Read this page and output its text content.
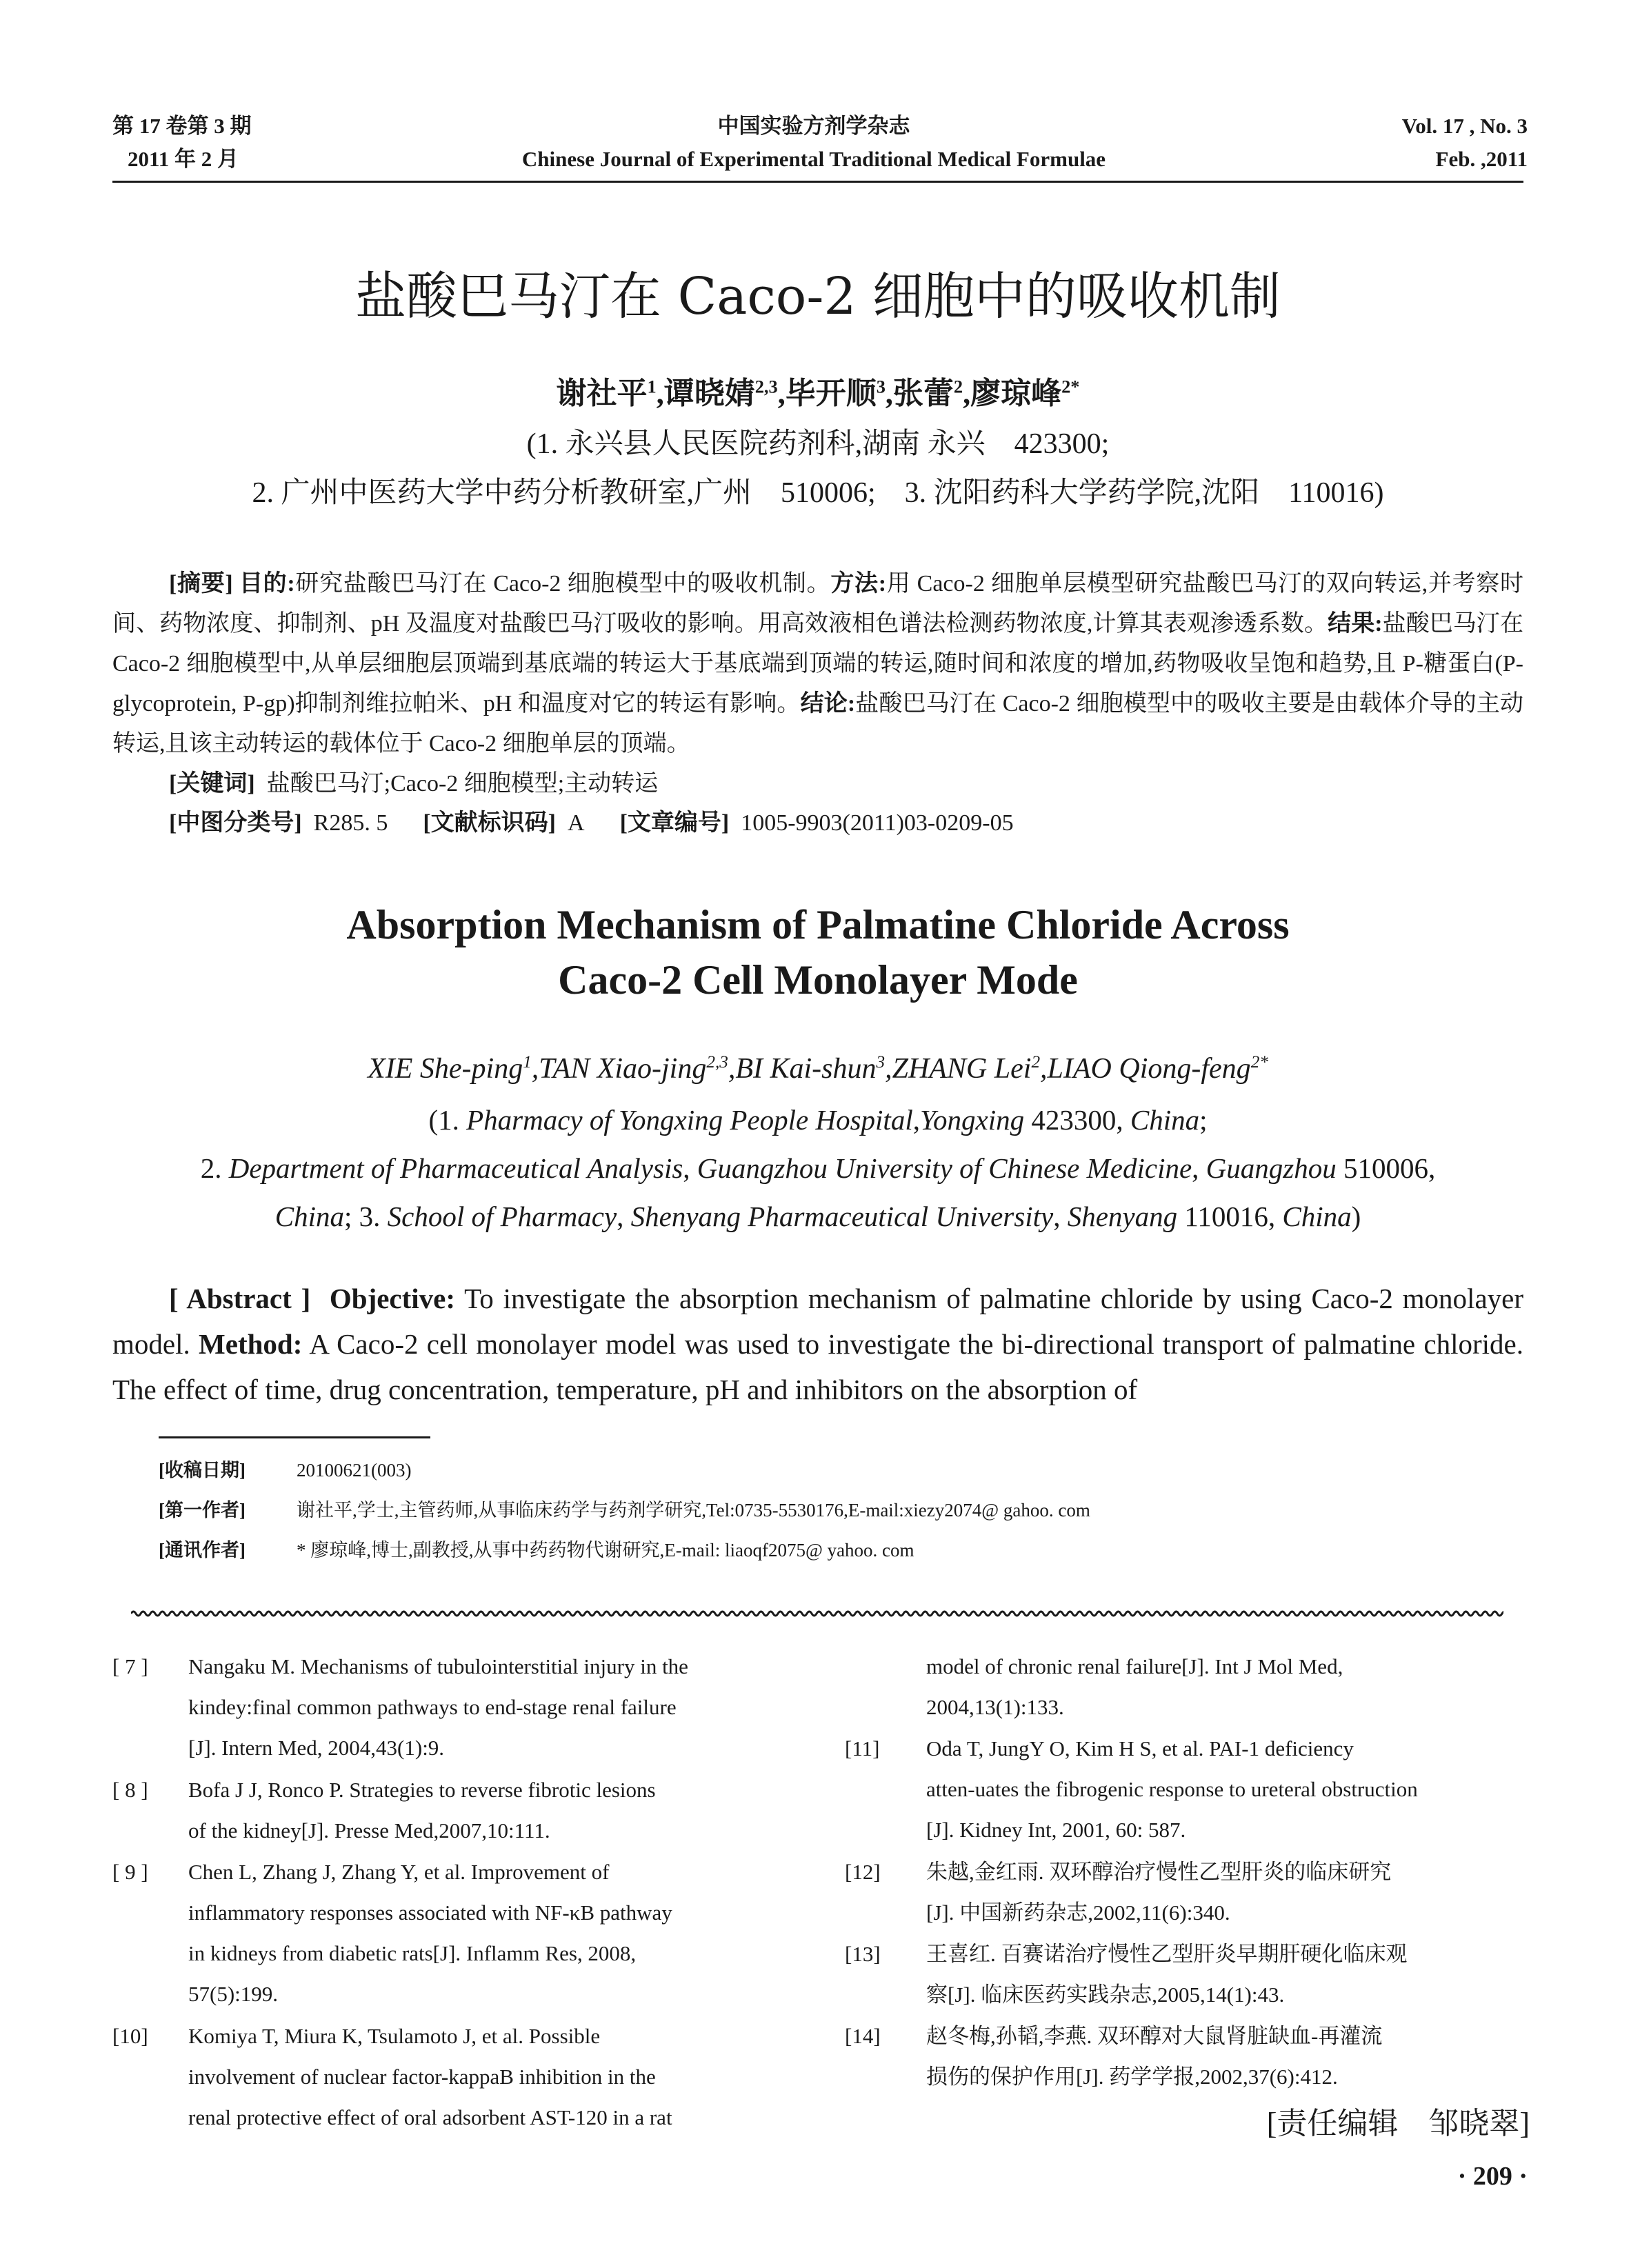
第 17 卷第 3 期
2011 年 2 月
中国实验方剂学杂志
Chinese Journal of Experimental Traditional Medical Formulae
Vol. 17 , No. 3
Feb. ,2011
盐酸巴马汀在 Caco-2 细胞中的吸收机制
谢社平$^1$,谭晓婧$^{2,3}$,毕开顺$^3$,张蕾$^2$,廖琼峰$^{2*}$
(1. 永兴县人民医院药剂科,湖南 永兴　423300;
2. 广州中医药大学中药分析教研室,广州　510006;　3. 沈阳药科大学药学院,沈阳　110016)
[摘要] 目的:研究盐酸巴马汀在 Caco-2 细胞模型中的吸收机制。方法:用 Caco-2 细胞单层模型研究盐酸巴马汀的双向转运,并考察时间、药物浓度、抑制剂、pH 及温度对盐酸巴马汀吸收的影响。用高效液相色谱法检测药物浓度,计算其表观渗透系数。结果:盐酸巴马汀在 Caco-2 细胞模型中,从单层细胞层顶端到基底端的转运大于基底端到顶端的转运,随时间和浓度的增加,药物吸收呈饱和趋势,且 P-糖蛋白(P-glycoprotein, P-gp)抑制剂维拉帕米、pH 和温度对它的转运有影响。结论:盐酸巴马汀在 Caco-2 细胞模型中的吸收主要是由载体介导的主动转运,且该主动转运的载体位于 Caco-2 细胞单层的顶端。
[关键词] 盐酸巴马汀;Caco-2 细胞模型;主动转运
[中图分类号] R285. 5 [文献标识码] A [文章编号] 1005-9903(2011)03-0209-05
Absorption Mechanism of Palmatine Chloride Across
Caco-2 Cell Monolayer Mode
XIE She-ping$^1$,TAN Xiao-jing$^{2,3}$,BI Kai-shun$^3$,ZHANG Lei$^2$,LIAO Qiong-feng$^{2*}$
(1. Pharmacy of Yongxing People Hospital,Yongxing 423300, China;
2. Department of Pharmaceutical Analysis, Guangzhou University of Chinese Medicine, Guangzhou 510006,
China; 3. School of Pharmacy, Shenyang Pharmaceutical University, Shenyang 110016, China)
[ Abstract ] Objective: To investigate the absorption mechanism of palmatine chloride by using Caco-2 monolayer model. Method: A Caco-2 cell monolayer model was used to investigate the bi-directional transport of palmatine chloride. The effect of time, drug concentration, temperature, pH and inhibitors on the absorption of
[收稿日期]	20100621(003)
[第一作者]	谢社平,学士,主管药师,从事临床药学与药剂学研究,Tel:0735-5530176,E-mail:xiezy2074@ gahoo. com
[通讯作者]	* 廖琼峰,博士,副教授,从事中药药物代谢研究,E-mail: liaoqf2075@ yahoo. com
[ 7 ] Nangaku M. Mechanisms of tubulointerstitial injury in the
kindey:final common pathways to end-stage renal failure
[J]. Intern Med, 2004,43(1):9.
[ 8 ] Bofa J J, Ronco P. Strategies to reverse fibrotic lesions
of the kidney[J]. Presse Med,2007,10:111.
[ 9 ] Chen L, Zhang J, Zhang Y, et al. Improvement of
inflammatory responses associated with NF-κB pathway
in kidneys from diabetic rats[J]. Inflamm Res, 2008,
57(5):199.
[10] Komiya T, Miura K, Tsulamoto J, et al. Possible
involvement of nuclear factor-kappaB inhibition in the
renal protective effect of oral adsorbent AST-120 in a rat
model of chronic renal failure[J]. Int J Mol Med,
2004,13(1):133.
[11] Oda T, JungY O, Kim H S, et al. PAI-1 deficiency
atten-uates the fibrogenic response to ureteral obstruction
[J]. Kidney Int, 2001, 60: 587.
[12] 朱越,金红雨. 双环醇治疗慢性乙型肝炎的临床研究
[J]. 中国新药杂志,2002,11(6):340.
[13] 王喜红. 百赛诺治疗慢性乙型肝炎早期肝硬化临床观
察[J]. 临床医药实践杂志,2005,14(1):43.
[14] 赵冬梅,孙韬,李燕. 双环醇对大鼠肾脏缺血-再灌流
损伤的保护作用[J]. 药学学报,2002,37(6):412.
[责任编辑　邹晓翠]
· 209 ·
